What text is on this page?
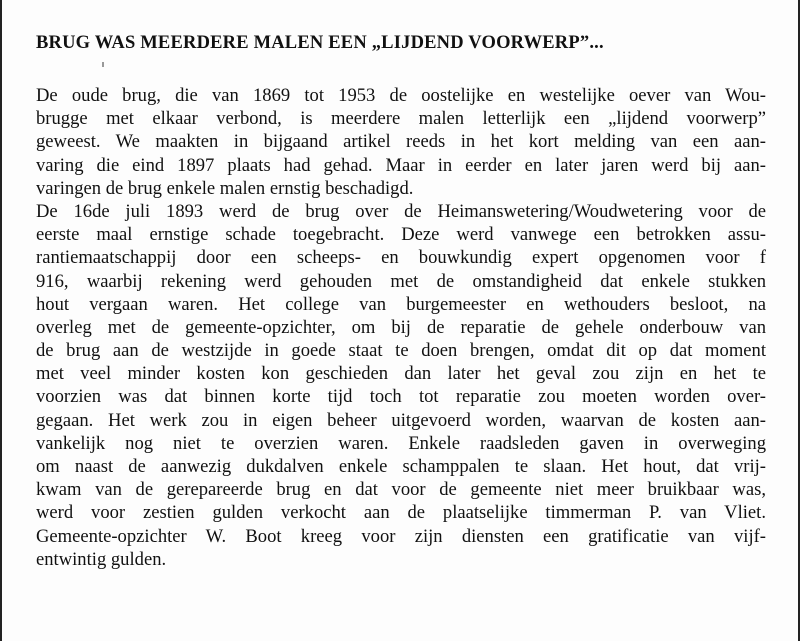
BRUG WAS MEERDERE MALEN EEN „LIJDEND VOORWERP”...
De oude brug, die van 1869 tot 1953 de oostelijke en westelijke oever van Wou-
brugge met elkaar verbond, is meerdere malen letterlijk een „lijdend voorwerp”
geweest. We maakten in bijgaand artikel reeds in het kort melding van een aan-
varing die eind 1897 plaats had gehad. Maar in eerder en later jaren werd bij aan-
varingen de brug enkele malen ernstig beschadigd.
De 16de juli 1893 werd de brug over de Heimanswetering/Woudwetering voor de
eerste maal ernstige schade toegebracht. Deze werd vanwege een betrokken assu-
rantiemaatschappij door een scheeps- en bouwkundig expert opgenomen voor f
916, waarbij rekening werd gehouden met de omstandigheid dat enkele stukken
hout vergaan waren. Het college van burgemeester en wethouders besloot, na
overleg met de gemeente-opzichter, om bij de reparatie de gehele onderbouw van
de brug aan de westzijde in goede staat te doen brengen, omdat dit op dat moment
met veel minder kosten kon geschieden dan later het geval zou zijn en het te
voorzien was dat binnen korte tijd toch tot reparatie zou moeten worden over-
gegaan. Het werk zou in eigen beheer uitgevoerd worden, waarvan de kosten aan-
vankelijk nog niet te overzien waren. Enkele raadsleden gaven in overweging
om naast de aanwezig dukdalven enkele schamppalen te slaan. Het hout, dat vrij-
kwam van de gerepareerde brug en dat voor de gemeente niet meer bruikbaar was,
werd voor zestien gulden verkocht aan de plaatselijke timmerman P. van Vliet.
Gemeente-opzichter W. Boot kreeg voor zijn diensten een gratificatie van vijf-
entwintig gulden.
